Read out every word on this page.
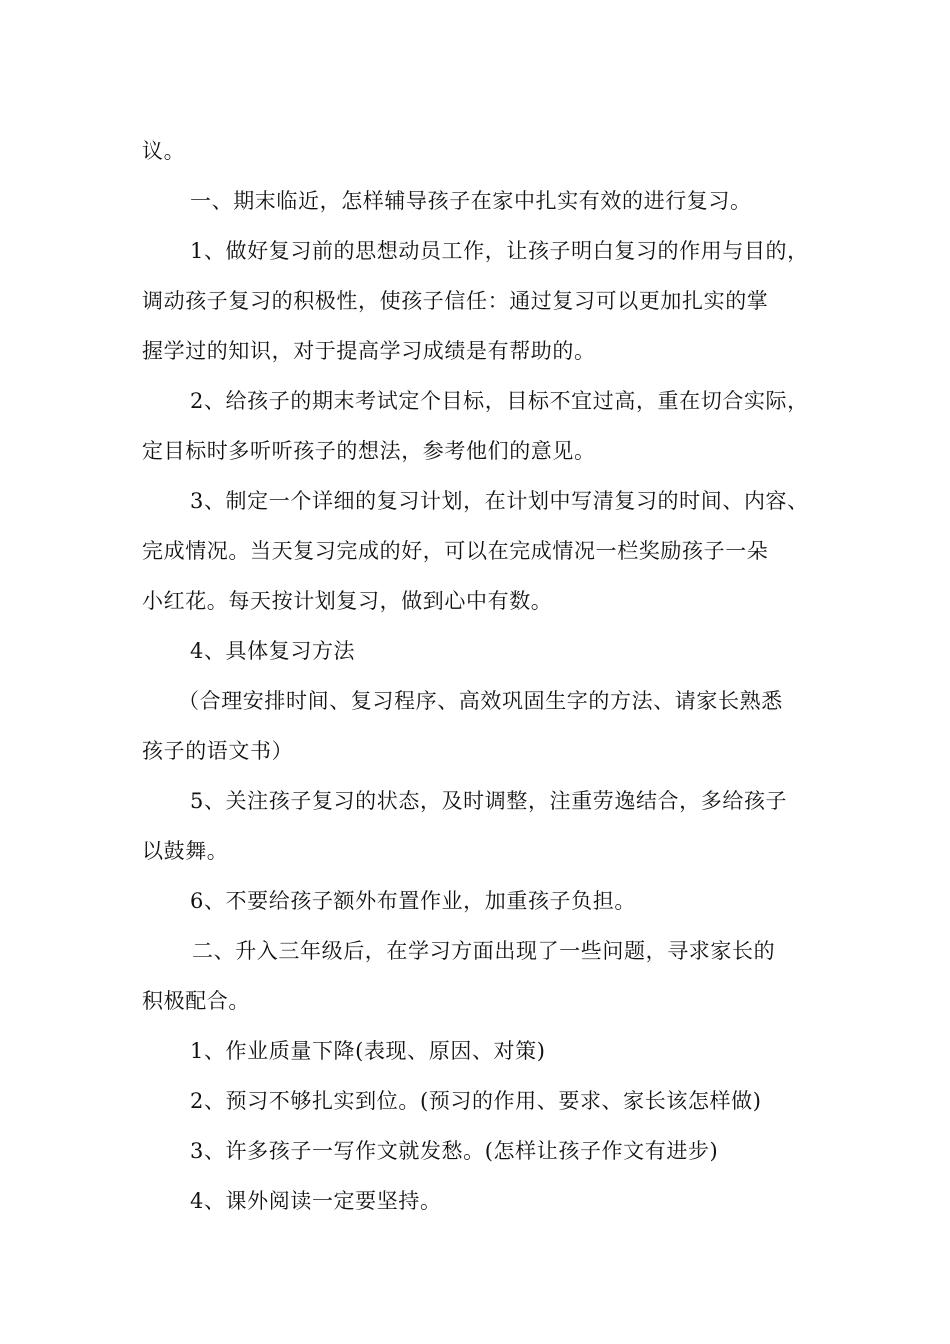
议。
一、期末临近，怎样辅导孩子在家中扎实有效的进行复习。
1、做好复习前的思想动员工作，让孩子明白复习的作用与目的，
调动孩子复习的积极性，使孩子信任：通过复习可以更加扎实的掌
握学过的知识，对于提高学习成绩是有帮助的。
2、给孩子的期末考试定个目标，目标不宜过高，重在切合实际，
定目标时多听听孩子的想法，参考他们的意见。
3、制定一个详细的复习计划，在计划中写清复习的时间、内容、
完成情况。当天复习完成的好，可以在完成情况一栏奖励孩子一朵
小红花。每天按计划复习，做到心中有数。
4、具体复习方法
（合理安排时间、复习程序、高效巩固生字的方法、请家长熟悉
孩子的语文书）
5、关注孩子复习的状态，及时调整，注重劳逸结合，多给孩子
以鼓舞。
6、不要给孩子额外布置作业，加重孩子负担。
二、升入三年级后，在学习方面出现了一些问题，寻求家长的
积极配合。
1、作业质量下降(表现、原因、对策)
2、预习不够扎实到位。(预习的作用、要求、家长该怎样做)
3、许多孩子一写作文就发愁。(怎样让孩子作文有进步)
4、课外阅读一定要坚持。
